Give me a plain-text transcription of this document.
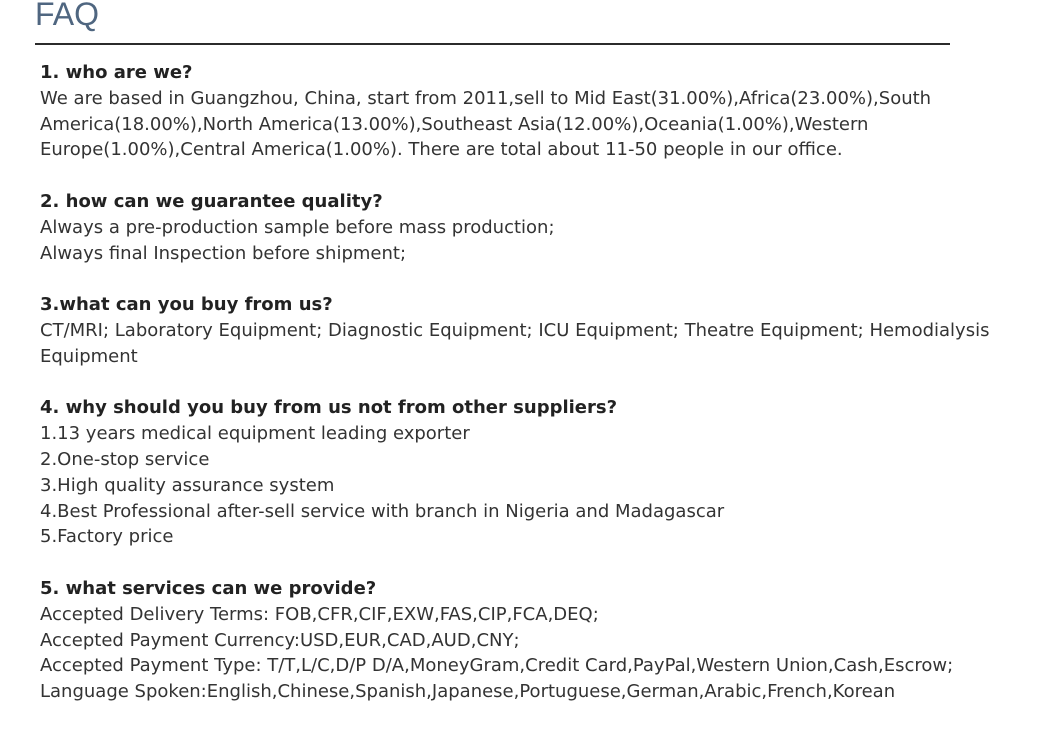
FAQ
1. who are we?
We are based in Guangzhou, China, start from 2011,sell to Mid East(31.00%),Africa(23.00%),South
America(18.00%),North America(13.00%),Southeast Asia(12.00%),Oceania(1.00%),Western
Europe(1.00%),Central America(1.00%). There are total about 11-50 people in our office.
2. how can we guarantee quality?
Always a pre-production sample before mass production;
Always final Inspection before shipment;
3.what can you buy from us?
CT/MRI; Laboratory Equipment; Diagnostic Equipment; ICU Equipment; Theatre Equipment; Hemodialysis
Equipment
4. why should you buy from us not from other suppliers?
1.13 years medical equipment leading exporter
2.One-stop service
3.High quality assurance system
4.Best Professional after-sell service with branch in Nigeria and Madagascar
5.Factory price
5. what services can we provide?
Accepted Delivery Terms: FOB,CFR,CIF,EXW,FAS,CIP,FCA,DEQ;
Accepted Payment Currency:USD,EUR,CAD,AUD,CNY;
Accepted Payment Type: T/T,L/C,D/P D/A,MoneyGram,Credit Card,PayPal,Western Union,Cash,Escrow;
Language Spoken:English,Chinese,Spanish,Japanese,Portuguese,German,Arabic,French,Korean
